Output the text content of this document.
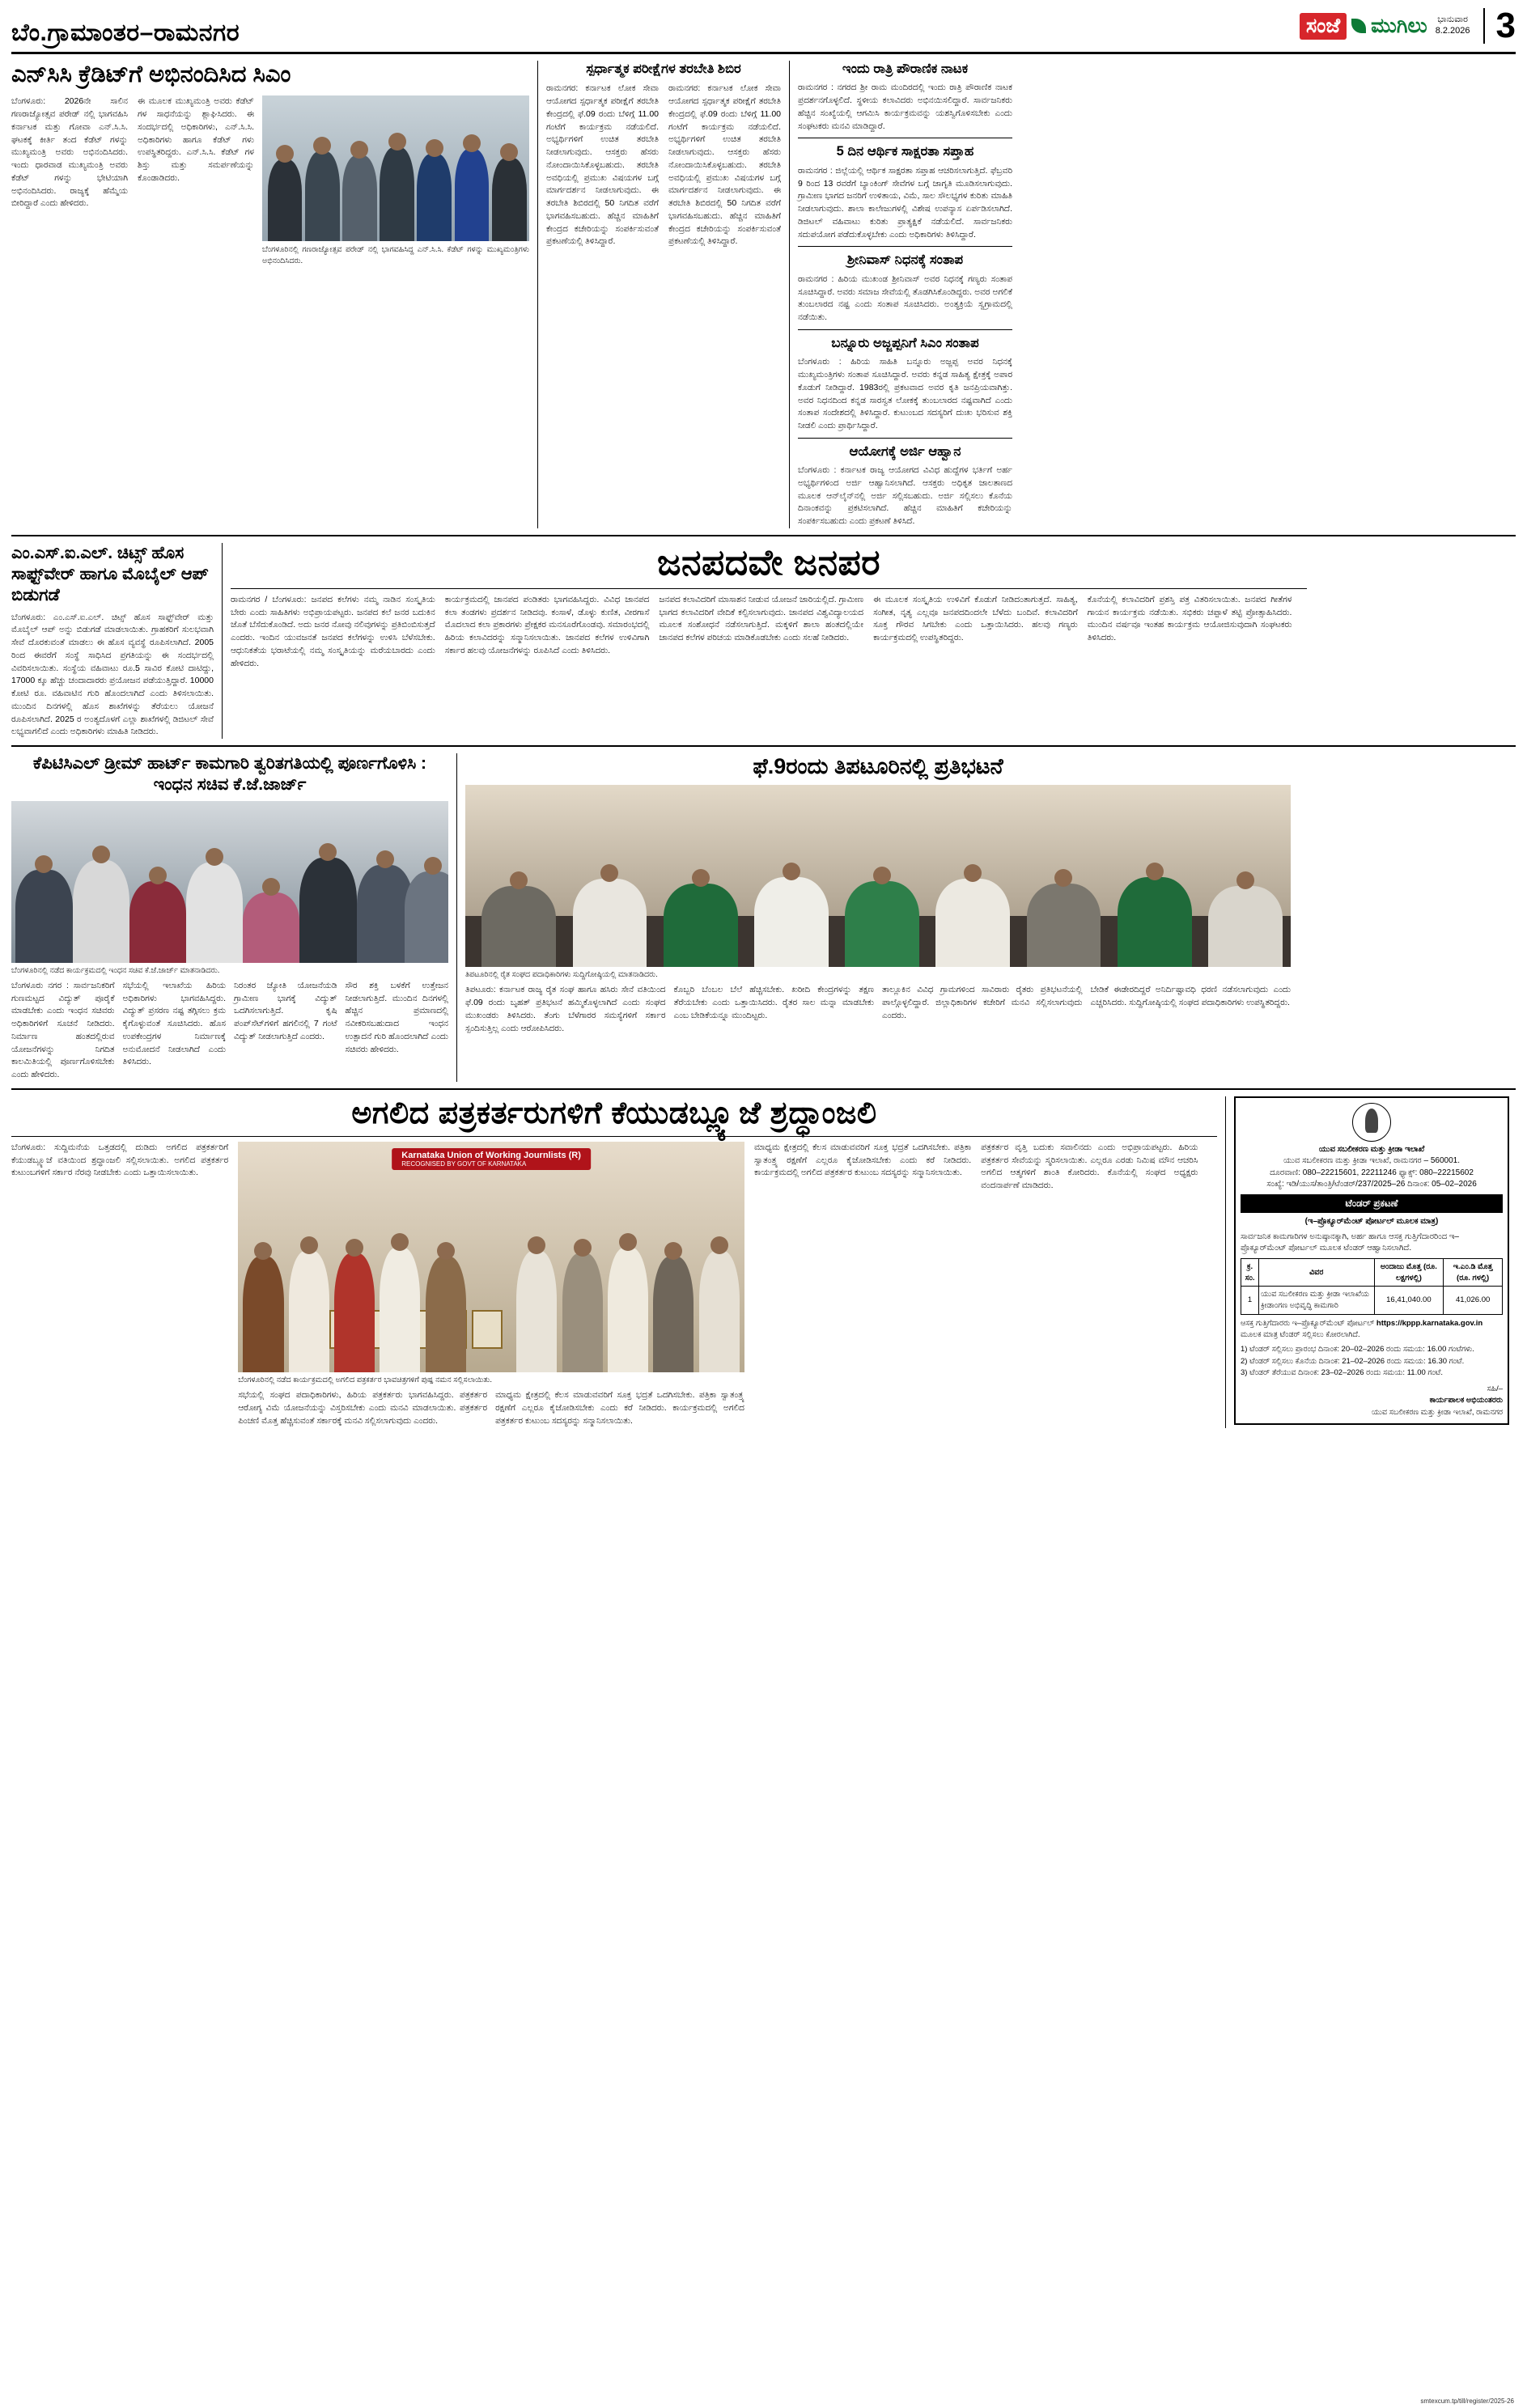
ಬೆಂ.ಗ್ರಾಮಾಂತರ–ರಾಮನಗರ	ಸಂಜೆ	ಮುಗಿಲು ಭಾನುವಾರ
8.2.2026 3
ಎನ್‌ಸಿಸಿ ಕ್ರೆಡಿಟ್‌ಗೆ ಅಭಿನಂದಿಸಿದ ಸಿಎಂ

ಬೆಂಗಳೂರು: 2026ನೇ ಸಾಲಿನ ಗಣರಾಜ್ಯೋತ್ಸವ ಪರೇಡ್ ನಲ್ಲಿ ಭಾಗವಹಿಸಿ ಕರ್ನಾಟಕ ಮತ್ತು ಗೋವಾ ಎನ್.ಸಿ.ಸಿ. ಘಟಕಕ್ಕೆ ಕೀರ್ತಿ ತಂದ ಕೆಡೆಟ್ ಗಳನ್ನು ಮುಖ್ಯಮಂತ್ರಿ ಅವರು ಅಭಿನಂದಿಸಿದರು. ಇಂದು ಧಾರವಾಡ ಮುಖ್ಯಮಂತ್ರಿ ಅವರು ಕೆಡೆಟ್ ಗಳನ್ನು ಭೇಟಿಯಾಗಿ ಅಭಿನಂದಿಸಿದರು. ರಾಜ್ಯಕ್ಕೆ ಹೆಮ್ಮೆಯ ಬೀರಿದ್ದಾರೆ ಎಂದು ಹೇಳಿದರು.

ಈ ಮೂಲಕ ಮುಖ್ಯಮಂತ್ರಿ ಅವರು ಕೆಡೆಟ್ ಗಳ ಸಾಧನೆಯನ್ನು ಶ್ಲಾಘಿಸಿದರು. ಈ ಸಂದರ್ಭದಲ್ಲಿ ಅಧಿಕಾರಿಗಳು, ಎನ್.ಸಿ.ಸಿ. ಅಧಿಕಾರಿಗಳು ಹಾಗೂ ಕೆಡೆಟ್ ಗಳು ಉಪಸ್ಥಿತರಿದ್ದರು. ಎನ್.ಸಿ.ಸಿ. ಕೆಡೆಟ್ ಗಳ ಶಿಸ್ತು ಮತ್ತು ಸಮರ್ಪಣೆಯನ್ನು ಕೊಂಡಾಡಿದರು.

ಬೆಂಗಳೂರಿನಲ್ಲಿ ಗಣರಾಜ್ಯೋತ್ಸವ ಪರೇಡ್ ನಲ್ಲಿ ಭಾಗವಹಿಸಿದ್ದ ಎನ್.ಸಿ.ಸಿ. ಕೆಡೆಟ್ ಗಳನ್ನು ಮುಖ್ಯಮಂತ್ರಿಗಳು ಅಭಿನಂದಿಸಿದರು.
ಸ್ಪರ್ಧಾತ್ಮಕ ಪರೀಕ್ಷೆಗಳ ತರಬೇತಿ ಶಿಬಿರ

ರಾಮನಗರ: ಕರ್ನಾಟಕ ಲೋಕ ಸೇವಾ ಆಯೋಗದ ಸ್ಪರ್ಧಾತ್ಮಕ ಪರೀಕ್ಷೆಗೆ ತರಬೇತಿ ಕೇಂದ್ರದಲ್ಲಿ ಫೆ.09 ರಂದು ಬೆಳಿಗ್ಗೆ 11.00 ಗಂಟೆಗೆ ಕಾರ್ಯಕ್ರಮ ನಡೆಯಲಿದೆ. ಅಭ್ಯರ್ಥಿಗಳಿಗೆ ಉಚಿತ ತರಬೇತಿ ನೀಡಲಾಗುವುದು. ಆಸಕ್ತರು ಹೆಸರು ನೋಂದಾಯಿಸಿಕೊಳ್ಳಬಹುದು. ತರಬೇತಿ ಅವಧಿಯಲ್ಲಿ ಪ್ರಮುಖ ವಿಷಯಗಳ ಬಗ್ಗೆ ಮಾರ್ಗದರ್ಶನ ನೀಡಲಾಗುವುದು. ಈ ತರಬೇತಿ ಶಿಬಿರದಲ್ಲಿ 50 ನಿಗದಿತ ವರೆಗೆ ಭಾಗವಹಿಸಬಹುದು. ಹೆಚ್ಚಿನ ಮಾಹಿತಿಗೆ ಕೇಂದ್ರದ ಕಚೇರಿಯನ್ನು ಸಂಪರ್ಕಿಸುವಂತೆ ಪ್ರಕಟಣೆಯಲ್ಲಿ ತಿಳಿಸಿದ್ದಾರೆ.

ರಾಮನಗರ: ಕರ್ನಾಟಕ ಲೋಕ ಸೇವಾ ಆಯೋಗದ ಸ್ಪರ್ಧಾತ್ಮಕ ಪರೀಕ್ಷೆಗೆ ತರಬೇತಿ ಕೇಂದ್ರದಲ್ಲಿ ಫೆ.09 ರಂದು ಬೆಳಿಗ್ಗೆ 11.00 ಗಂಟೆಗೆ ಕಾರ್ಯಕ್ರಮ ನಡೆಯಲಿದೆ. ಅಭ್ಯರ್ಥಿಗಳಿಗೆ ಉಚಿತ ತರಬೇತಿ ನೀಡಲಾಗುವುದು. ಆಸಕ್ತರು ಹೆಸರು ನೋಂದಾಯಿಸಿಕೊಳ್ಳಬಹುದು. ತರಬೇತಿ ಅವಧಿಯಲ್ಲಿ ಪ್ರಮುಖ ವಿಷಯಗಳ ಬಗ್ಗೆ ಮಾರ್ಗದರ್ಶನ ನೀಡಲಾಗುವುದು. ಈ ತರಬೇತಿ ಶಿಬಿರದಲ್ಲಿ 50 ನಿಗದಿತ ವರೆಗೆ ಭಾಗವಹಿಸಬಹುದು. ಹೆಚ್ಚಿನ ಮಾಹಿತಿಗೆ ಕೇಂದ್ರದ ಕಚೇರಿಯನ್ನು ಸಂಪರ್ಕಿಸುವಂತೆ ಪ್ರಕಟಣೆಯಲ್ಲಿ ತಿಳಿಸಿದ್ದಾರೆ.

ಇಂದು ರಾತ್ರಿ ಪೌರಾಣಿಕ ನಾಟಕ
ರಾಮನಗರ : ನಗರದ ಶ್ರೀ ರಾಮ ಮಂದಿರದಲ್ಲಿ ಇಂದು ರಾತ್ರಿ ಪೌರಾಣಿಕ ನಾಟಕ ಪ್ರದರ್ಶನಗೊಳ್ಳಲಿದೆ. ಸ್ಥಳೀಯ ಕಲಾವಿದರು ಅಭಿನಯಿಸಲಿದ್ದಾರೆ. ಸಾರ್ವಜನಿಕರು ಹೆಚ್ಚಿನ ಸಂಖ್ಯೆಯಲ್ಲಿ ಆಗಮಿಸಿ ಕಾರ್ಯಕ್ರಮವನ್ನು ಯಶಸ್ವಿಗೊಳಿಸಬೇಕು ಎಂದು ಸಂಘಟಕರು ಮನವಿ ಮಾಡಿದ್ದಾರೆ.
5 ದಿನ ಆರ್ಥಿಕ ಸಾಕ್ಷರತಾ ಸಪ್ತಾಹ
ರಾಮನಗರ : ಜಿಲ್ಲೆಯಲ್ಲಿ ಆರ್ಥಿಕ ಸಾಕ್ಷರತಾ ಸಪ್ತಾಹ ಆಚರಿಸಲಾಗುತ್ತಿದೆ. ಫೆಬ್ರವರಿ 9 ರಿಂದ 13 ರವರೆಗೆ ಬ್ಯಾಂಕಿಂಗ್ ಸೇವೆಗಳ ಬಗ್ಗೆ ಜಾಗೃತಿ ಮೂಡಿಸಲಾಗುವುದು. ಗ್ರಾಮೀಣ ಭಾಗದ ಜನರಿಗೆ ಉಳಿತಾಯ, ವಿಮೆ, ಸಾಲ ಸೌಲಭ್ಯಗಳ ಕುರಿತು ಮಾಹಿತಿ ನೀಡಲಾಗುವುದು. ಶಾಲಾ ಕಾಲೇಜುಗಳಲ್ಲಿ ವಿಶೇಷ ಉಪನ್ಯಾಸ ಏರ್ಪಡಿಸಲಾಗಿದೆ. ಡಿಜಿಟಲ್ ವಹಿವಾಟು ಕುರಿತು ಪ್ರಾತ್ಯಕ್ಷಿಕೆ ನಡೆಯಲಿದೆ. ಸಾರ್ವಜನಿಕರು ಸದುಪಯೋಗ ಪಡೆದುಕೊಳ್ಳಬೇಕು ಎಂದು ಅಧಿಕಾರಿಗಳು ತಿಳಿಸಿದ್ದಾರೆ.
ಶ್ರೀನಿವಾಸ್ ನಿಧನಕ್ಕೆ ಸಂತಾಪ
ರಾಮನಗರ : ಹಿರಿಯ ಮುಖಂಡ ಶ್ರೀನಿವಾಸ್ ಅವರ ನಿಧನಕ್ಕೆ ಗಣ್ಯರು ಸಂತಾಪ ಸೂಚಿಸಿದ್ದಾರೆ. ಅವರು ಸಮಾಜ ಸೇವೆಯಲ್ಲಿ ತೊಡಗಿಸಿಕೊಂಡಿದ್ದರು. ಅವರ ಅಗಲಿಕೆ ತುಂಬಲಾರದ ನಷ್ಟ ಎಂದು ಸಂತಾಪ ಸೂಚಿಸಿದರು. ಅಂತ್ಯಕ್ರಿಯೆ ಸ್ವಗ್ರಾಮದಲ್ಲಿ ನಡೆಯಿತು.
ಬನ್ನೂರು ಅಜ್ಜಪ್ಪನಿಗೆ ಸಿಎಂ ಸಂತಾಪ
ಬೆಂಗಳೂರು : ಹಿರಿಯ ಸಾಹಿತಿ ಬನ್ನೂರು ಅಜ್ಜಪ್ಪ ಅವರ ನಿಧನಕ್ಕೆ ಮುಖ್ಯಮಂತ್ರಿಗಳು ಸಂತಾಪ ಸೂಚಿಸಿದ್ದಾರೆ. ಅವರು ಕನ್ನಡ ಸಾಹಿತ್ಯ ಕ್ಷೇತ್ರಕ್ಕೆ ಅಪಾರ ಕೊಡುಗೆ ನೀಡಿದ್ದಾರೆ. 1983ರಲ್ಲಿ ಪ್ರಕಟವಾದ ಅವರ ಕೃತಿ ಜನಪ್ರಿಯವಾಗಿತ್ತು. ಅವರ ನಿಧನದಿಂದ ಕನ್ನಡ ಸಾರಸ್ವತ ಲೋಕಕ್ಕೆ ತುಂಬಲಾರದ ನಷ್ಟವಾಗಿದೆ ಎಂದು ಸಂತಾಪ ಸಂದೇಶದಲ್ಲಿ ತಿಳಿಸಿದ್ದಾರೆ. ಕುಟುಂಬದ ಸದಸ್ಯರಿಗೆ ದುಃಖ ಭರಿಸುವ ಶಕ್ತಿ ನೀಡಲಿ ಎಂದು ಪ್ರಾರ್ಥಿಸಿದ್ದಾರೆ.
ಆಯೋಗಕ್ಕೆ ಅರ್ಜಿ ಆಹ್ವಾನ
ಬೆಂಗಳೂರು : ಕರ್ನಾಟಕ ರಾಜ್ಯ ಆಯೋಗದ ವಿವಿಧ ಹುದ್ದೆಗಳ ಭರ್ತಿಗೆ ಅರ್ಹ ಅಭ್ಯರ್ಥಿಗಳಿಂದ ಅರ್ಜಿ ಆಹ್ವಾನಿಸಲಾಗಿದೆ. ಆಸಕ್ತರು ಅಧಿಕೃತ ಜಾಲತಾಣದ ಮೂಲಕ ಆನ್‌ಲೈನ್‌ನಲ್ಲಿ ಅರ್ಜಿ ಸಲ್ಲಿಸಬಹುದು. ಅರ್ಜಿ ಸಲ್ಲಿಸಲು ಕೊನೆಯ ದಿನಾಂಕವನ್ನು ಪ್ರಕಟಿಸಲಾಗಿದೆ. ಹೆಚ್ಚಿನ ಮಾಹಿತಿಗೆ ಕಚೇರಿಯನ್ನು ಸಂಪರ್ಕಿಸಬಹುದು ಎಂದು ಪ್ರಕಟಣೆ ತಿಳಿಸಿದೆ.
ಎಂ.ಎಸ್.ಐ.ಎಲ್. ಚಿಟ್ಸ್‌ ಹೊಸ ಸಾಫ್ಟ್‌ವೇರ್ ಹಾಗೂ ಮೊಬೈಲ್ ಆಪ್ ಬಿಡುಗಡೆ
ಬೆಂಗಳೂರು: ಎಂ.ಎಸ್.ಐ.ಎಲ್. ಚಿಟ್ಸ್‌ ಹೊಸ ಸಾಫ್ಟ್‌ವೇರ್ ಮತ್ತು ಮೊಬೈಲ್ ಆಪ್ ಅನ್ನು ಬಿಡುಗಡೆ ಮಾಡಲಾಯಿತು. ಗ್ರಾಹಕರಿಗೆ ಸುಲಭವಾಗಿ ಸೇವೆ ದೊರಕುವಂತೆ ಮಾಡಲು ಈ ಹೊಸ ವ್ಯವಸ್ಥೆ ರೂಪಿಸಲಾಗಿದೆ. 2005 ರಿಂದ ಈವರೆಗೆ ಸಂಸ್ಥೆ ಸಾಧಿಸಿದ ಪ್ರಗತಿಯನ್ನು ಈ ಸಂದರ್ಭದಲ್ಲಿ ವಿವರಿಸಲಾಯಿತು. ಸಂಸ್ಥೆಯ ವಹಿವಾಟು ರೂ.5 ಸಾವಿರ ಕೋಟಿ ದಾಟಿದ್ದು, 17000 ಕ್ಕೂ ಹೆಚ್ಚು ಚಂದಾದಾರರು ಪ್ರಯೋಜನ ಪಡೆಯುತ್ತಿದ್ದಾರೆ. 10000 ಕೋಟಿ ರೂ. ವಹಿವಾಟಿನ ಗುರಿ ಹೊಂದಲಾಗಿದೆ ಎಂದು ತಿಳಿಸಲಾಯಿತು. ಮುಂದಿನ ದಿನಗಳಲ್ಲಿ ಹೊಸ ಶಾಖೆಗಳನ್ನು ತೆರೆಯಲು ಯೋಜನೆ ರೂಪಿಸಲಾಗಿದೆ. 2025 ರ ಅಂತ್ಯದೊಳಗೆ ಎಲ್ಲಾ ಶಾಖೆಗಳಲ್ಲಿ ಡಿಜಿಟಲ್ ಸೇವೆ ಲಭ್ಯವಾಗಲಿದೆ ಎಂದು ಅಧಿಕಾರಿಗಳು ಮಾಹಿತಿ ನೀಡಿದರು.
ಜನಪದವೇ ಜನಪರ
ರಾಮನಗರ / ಬೆಂಗಳೂರು: ಜನಪದ ಕಲೆಗಳು ನಮ್ಮ ನಾಡಿನ ಸಂಸ್ಕೃತಿಯ ಬೇರು ಎಂದು ಸಾಹಿತಿಗಳು ಅಭಿಪ್ರಾಯಪಟ್ಟರು. ಜನಪದ ಕಲೆ ಜನರ ಬದುಕಿನ ಜೊತೆ ಬೆಸೆದುಕೊಂಡಿದೆ. ಅದು ಜನರ ನೋವು ನಲಿವುಗಳನ್ನು ಪ್ರತಿಬಿಂಬಿಸುತ್ತದೆ ಎಂದರು. ಇಂದಿನ ಯುವಜನತೆ ಜನಪದ ಕಲೆಗಳನ್ನು ಉಳಿಸಿ ಬೆಳೆಸಬೇಕು. ಆಧುನಿಕತೆಯ ಭರಾಟೆಯಲ್ಲಿ ನಮ್ಮ ಸಂಸ್ಕೃತಿಯನ್ನು ಮರೆಯಬಾರದು ಎಂದು ಹೇಳಿದರು.
ಕಾರ್ಯಕ್ರಮದಲ್ಲಿ ಜಾನಪದ ಪಂಡಿತರು ಭಾಗವಹಿಸಿದ್ದರು. ವಿವಿಧ ಜಾನಪದ ಕಲಾ ತಂಡಗಳು ಪ್ರದರ್ಶನ ನೀಡಿದವು. ಕಂಸಾಳೆ, ಡೊಳ್ಳು ಕುಣಿತ, ವೀರಗಾಸೆ ಮೊದಲಾದ ಕಲಾ ಪ್ರಕಾರಗಳು ಪ್ರೇಕ್ಷಕರ ಮನಸೂರೆಗೊಂಡವು. ಸಮಾರಂಭದಲ್ಲಿ ಹಿರಿಯ ಕಲಾವಿದರನ್ನು ಸನ್ಮಾನಿಸಲಾಯಿತು. ಜಾನಪದ ಕಲೆಗಳ ಉಳಿವಿಗಾಗಿ ಸರ್ಕಾರ ಹಲವು ಯೋಜನೆಗಳನ್ನು ರೂಪಿಸಿದೆ ಎಂದು ತಿಳಿಸಿದರು.
ಜನಪದ ಕಲಾವಿದರಿಗೆ ಮಾಸಾಶನ ನೀಡುವ ಯೋಜನೆ ಜಾರಿಯಲ್ಲಿದೆ. ಗ್ರಾಮೀಣ ಭಾಗದ ಕಲಾವಿದರಿಗೆ ವೇದಿಕೆ ಕಲ್ಪಿಸಲಾಗುವುದು. ಜಾನಪದ ವಿಶ್ವವಿದ್ಯಾಲಯದ ಮೂಲಕ ಸಂಶೋಧನೆ ನಡೆಸಲಾಗುತ್ತಿದೆ. ಮಕ್ಕಳಿಗೆ ಶಾಲಾ ಹಂತದಲ್ಲಿಯೇ ಜಾನಪದ ಕಲೆಗಳ ಪರಿಚಯ ಮಾಡಿಕೊಡಬೇಕು ಎಂದು ಸಲಹೆ ನೀಡಿದರು.
ಈ ಮೂಲಕ ಸಂಸ್ಕೃತಿಯ ಉಳಿವಿಗೆ ಕೊಡುಗೆ ನೀಡಿದಂತಾಗುತ್ತದೆ. ಸಾಹಿತ್ಯ, ಸಂಗೀತ, ನೃತ್ಯ ಎಲ್ಲವೂ ಜನಪದದಿಂದಲೇ ಬೆಳೆದು ಬಂದಿವೆ. ಕಲಾವಿದರಿಗೆ ಸೂಕ್ತ ಗೌರವ ಸಿಗಬೇಕು ಎಂದು ಒತ್ತಾಯಿಸಿದರು. ಹಲವು ಗಣ್ಯರು ಕಾರ್ಯಕ್ರಮದಲ್ಲಿ ಉಪಸ್ಥಿತರಿದ್ದರು.
ಕೊನೆಯಲ್ಲಿ ಕಲಾವಿದರಿಗೆ ಪ್ರಶಸ್ತಿ ಪತ್ರ ವಿತರಿಸಲಾಯಿತು. ಜನಪದ ಗೀತೆಗಳ ಗಾಯನ ಕಾರ್ಯಕ್ರಮ ನಡೆಯಿತು. ಸಭಿಕರು ಚಪ್ಪಾಳೆ ತಟ್ಟಿ ಪ್ರೋತ್ಸಾಹಿಸಿದರು. ಮುಂದಿನ ವರ್ಷವೂ ಇಂತಹ ಕಾರ್ಯಕ್ರಮ ಆಯೋಜಿಸುವುದಾಗಿ ಸಂಘಟಕರು ತಿಳಿಸಿದರು.
ಕೆಪಿಟಿಸಿಎಲ್ ಡ್ರೀಮ್ ಹಾರ್ಟ್ ಕಾಮಗಾರಿ ತ್ವರಿತಗತಿಯಲ್ಲಿ ಪೂರ್ಣಗೊಳಿಸಿ : ಇಂಧನ ಸಚಿವ ಕೆ.ಜೆ.ಜಾರ್ಜ್
ಬೆಂಗಳೂರಿನಲ್ಲಿ ನಡೆದ ಕಾರ್ಯಕ್ರಮದಲ್ಲಿ ಇಂಧನ ಸಚಿವ ಕೆ.ಜೆ.ಜಾರ್ಜ್ ಮಾತನಾಡಿದರು.
ಬೆಂಗಳೂರು ನಗರ : ಸಾರ್ವಜನಿಕರಿಗೆ ಗುಣಮಟ್ಟದ ವಿದ್ಯುತ್ ಪೂರೈಕೆ ಮಾಡಬೇಕು ಎಂದು ಇಂಧನ ಸಚಿವರು ಅಧಿಕಾರಿಗಳಿಗೆ ಸೂಚನೆ ನೀಡಿದರು. ನಿರ್ಮಾಣ ಹಂತದಲ್ಲಿರುವ ಯೋಜನೆಗಳನ್ನು ನಿಗದಿತ ಕಾಲಮಿತಿಯಲ್ಲಿ ಪೂರ್ಣಗೊಳಿಸಬೇಕು ಎಂದು ಹೇಳಿದರು.
ಸಭೆಯಲ್ಲಿ ಇಲಾಖೆಯ ಹಿರಿಯ ಅಧಿಕಾರಿಗಳು ಭಾಗವಹಿಸಿದ್ದರು. ವಿದ್ಯುತ್ ಪ್ರಸರಣ ನಷ್ಟ ತಗ್ಗಿಸಲು ಕ್ರಮ ಕೈಗೊಳ್ಳುವಂತೆ ಸೂಚಿಸಿದರು. ಹೊಸ ಉಪಕೇಂದ್ರಗಳ ನಿರ್ಮಾಣಕ್ಕೆ ಅನುಮೋದನೆ ನೀಡಲಾಗಿದೆ ಎಂದು ತಿಳಿಸಿದರು.
ನಿರಂತರ ಜ್ಯೋತಿ ಯೋಜನೆಯಡಿ ಗ್ರಾಮೀಣ ಭಾಗಕ್ಕೆ ವಿದ್ಯುತ್ ಒದಗಿಸಲಾಗುತ್ತಿದೆ. ಕೃಷಿ ಪಂಪ್‌ಸೆಟ್‌ಗಳಿಗೆ ಹಗಲಿನಲ್ಲಿ 7 ಗಂಟೆ ವಿದ್ಯುತ್ ನೀಡಲಾಗುತ್ತಿದೆ ಎಂದರು.
ಸೌರ ಶಕ್ತಿ ಬಳಕೆಗೆ ಉತ್ತೇಜನ ನೀಡಲಾಗುತ್ತಿದೆ. ಮುಂದಿನ ದಿನಗಳಲ್ಲಿ ಹೆಚ್ಚಿನ ಪ್ರಮಾಣದಲ್ಲಿ ನವೀಕರಿಸಬಹುದಾದ ಇಂಧನ ಉತ್ಪಾದನೆ ಗುರಿ ಹೊಂದಲಾಗಿದೆ ಎಂದು ಸಚಿವರು ಹೇಳಿದರು.
ಫೆ.9ರಂದು ತಿಪಟೂರಿನಲ್ಲಿ ಪ್ರತಿಭಟನೆ
ತಿಪಟೂರಿನಲ್ಲಿ ರೈತ ಸಂಘದ ಪದಾಧಿಕಾರಿಗಳು ಸುದ್ದಿಗೋಷ್ಠಿಯಲ್ಲಿ ಮಾತನಾಡಿದರು.
ತಿಪಟೂರು: ಕರ್ನಾಟಕ ರಾಜ್ಯ ರೈತ ಸಂಘ ಹಾಗೂ ಹಸಿರು ಸೇನೆ ವತಿಯಿಂದ ಫೆ.09 ರಂದು ಬೃಹತ್ ಪ್ರತಿಭಟನೆ ಹಮ್ಮಿಕೊಳ್ಳಲಾಗಿದೆ ಎಂದು ಸಂಘದ ಮುಖಂಡರು ತಿಳಿಸಿದರು. ತೆಂಗು ಬೆಳೆಗಾರರ ಸಮಸ್ಯೆಗಳಿಗೆ ಸರ್ಕಾರ ಸ್ಪಂದಿಸುತ್ತಿಲ್ಲ ಎಂದು ಆರೋಪಿಸಿದರು.
ಕೊಬ್ಬರಿ ಬೆಂಬಲ ಬೆಲೆ ಹೆಚ್ಚಿಸಬೇಕು. ಖರೀದಿ ಕೇಂದ್ರಗಳನ್ನು ತಕ್ಷಣ ತೆರೆಯಬೇಕು ಎಂದು ಒತ್ತಾಯಿಸಿದರು. ರೈತರ ಸಾಲ ಮನ್ನಾ ಮಾಡಬೇಕು ಎಂಬ ಬೇಡಿಕೆಯನ್ನೂ ಮುಂದಿಟ್ಟರು.
ತಾಲ್ಲೂಕಿನ ವಿವಿಧ ಗ್ರಾಮಗಳಿಂದ ಸಾವಿರಾರು ರೈತರು ಪ್ರತಿಭಟನೆಯಲ್ಲಿ ಪಾಲ್ಗೊಳ್ಳಲಿದ್ದಾರೆ. ಜಿಲ್ಲಾಧಿಕಾರಿಗಳ ಕಚೇರಿಗೆ ಮನವಿ ಸಲ್ಲಿಸಲಾಗುವುದು ಎಂದರು.
ಬೇಡಿಕೆ ಈಡೇರದಿದ್ದರೆ ಅನಿರ್ದಿಷ್ಟಾವಧಿ ಧರಣಿ ನಡೆಸಲಾಗುವುದು ಎಂದು ಎಚ್ಚರಿಸಿದರು. ಸುದ್ದಿಗೋಷ್ಠಿಯಲ್ಲಿ ಸಂಘದ ಪದಾಧಿಕಾರಿಗಳು ಉಪಸ್ಥಿತರಿದ್ದರು.
ಅಗಲಿದ ಪತ್ರಕರ್ತರುಗಳಿಗೆ ಕೆಯುಡಬ್ಲ್ಯೂಜೆ ಶ್ರದ್ಧಾಂಜಲಿ
ಬೆಂಗಳೂರು: ಸುದ್ದಿಮನೆಯ ಒತ್ತಡದಲ್ಲಿ ದುಡಿದು ಅಗಲಿದ ಪತ್ರಕರ್ತರಿಗೆ ಕೆಯುಡಬ್ಲ್ಯೂಜೆ ವತಿಯಿಂದ ಶ್ರದ್ಧಾಂಜಲಿ ಸಲ್ಲಿಸಲಾಯಿತು. ಅಗಲಿದ ಪತ್ರಕರ್ತರ ಕುಟುಂಬಗಳಿಗೆ ಸರ್ಕಾರ ನೆರವು ನೀಡಬೇಕು ಎಂದು ಒತ್ತಾಯಿಸಲಾಯಿತು.
Karnataka Union of Working Journlists (R)
RECOGNISED BY GOVT OF KARNATAKA
ಬೆಂಗಳೂರಿನಲ್ಲಿ ನಡೆದ ಕಾರ್ಯಕ್ರಮದಲ್ಲಿ ಅಗಲಿದ ಪತ್ರಕರ್ತರ ಭಾವಚಿತ್ರಗಳಿಗೆ ಪುಷ್ಪ ನಮನ ಸಲ್ಲಿಸಲಾಯಿತು.
ಸಭೆಯಲ್ಲಿ ಸಂಘದ ಪದಾಧಿಕಾರಿಗಳು, ಹಿರಿಯ ಪತ್ರಕರ್ತರು ಭಾಗವಹಿಸಿದ್ದರು. ಪತ್ರಕರ್ತರ ಆರೋಗ್ಯ ವಿಮೆ ಯೋಜನೆಯನ್ನು ವಿಸ್ತರಿಸಬೇಕು ಎಂದು ಮನವಿ ಮಾಡಲಾಯಿತು. ಪತ್ರಕರ್ತರ ಪಿಂಚಣಿ ಮೊತ್ತ ಹೆಚ್ಚಿಸುವಂತೆ ಸರ್ಕಾರಕ್ಕೆ ಮನವಿ ಸಲ್ಲಿಸಲಾಗುವುದು ಎಂದರು.
ಮಾಧ್ಯಮ ಕ್ಷೇತ್ರದಲ್ಲಿ ಕೆಲಸ ಮಾಡುವವರಿಗೆ ಸೂಕ್ತ ಭದ್ರತೆ ಒದಗಿಸಬೇಕು. ಪತ್ರಿಕಾ ಸ್ವಾತಂತ್ರ್ಯ ರಕ್ಷಣೆಗೆ ಎಲ್ಲರೂ ಕೈಜೋಡಿಸಬೇಕು ಎಂದು ಕರೆ ನೀಡಿದರು. ಕಾರ್ಯಕ್ರಮದಲ್ಲಿ ಅಗಲಿದ ಪತ್ರಕರ್ತರ ಕುಟುಂಬ ಸದಸ್ಯರನ್ನು ಸನ್ಮಾನಿಸಲಾಯಿತು.
ಮಾಧ್ಯಮ ಕ್ಷೇತ್ರದಲ್ಲಿ ಕೆಲಸ ಮಾಡುವವರಿಗೆ ಸೂಕ್ತ ಭದ್ರತೆ ಒದಗಿಸಬೇಕು. ಪತ್ರಿಕಾ ಸ್ವಾತಂತ್ರ್ಯ ರಕ್ಷಣೆಗೆ ಎಲ್ಲರೂ ಕೈಜೋಡಿಸಬೇಕು ಎಂದು ಕರೆ ನೀಡಿದರು. ಕಾರ್ಯಕ್ರಮದಲ್ಲಿ ಅಗಲಿದ ಪತ್ರಕರ್ತರ ಕುಟುಂಬ ಸದಸ್ಯರನ್ನು ಸನ್ಮಾನಿಸಲಾಯಿತು.
ಪತ್ರಕರ್ತರ ವೃತ್ತಿ ಬದುಕು ಸವಾಲಿನದು ಎಂದು ಅಭಿಪ್ರಾಯಪಟ್ಟರು. ಹಿರಿಯ ಪತ್ರಕರ್ತರ ಸೇವೆಯನ್ನು ಸ್ಮರಿಸಲಾಯಿತು. ಎಲ್ಲರೂ ಎರಡು ನಿಮಿಷ ಮೌನ ಆಚರಿಸಿ ಅಗಲಿದ ಆತ್ಮಗಳಿಗೆ ಶಾಂತಿ ಕೋರಿದರು. ಕೊನೆಯಲ್ಲಿ ಸಂಘದ ಅಧ್ಯಕ್ಷರು ವಂದನಾರ್ಪಣೆ ಮಾಡಿದರು.
ಯುವ ಸಬಲೀಕರಣ ಮತ್ತು ಕ್ರೀಡಾ ಇಲಾಖೆ
ಯುವ ಸಬಲೀಕರಣ ಮತ್ತು ಕ್ರೀಡಾ ಇಲಾಖೆ, ರಾಮನಗರ – 560001.
ದೂರವಾಣಿ: 080–22215601, 22211246 ಫ್ಯಾಕ್ಸ್: 080–22215602
ಸಂಖ್ಯೆ: ಇಡಿ/ಯುಸ/ತಾಂತ್ರಿ/ಟೆಂಡರ್/237/2025–26 ದಿನಾಂಕ: 05–02–2026
ಟೆಂಡರ್ ಪ್ರಕಟಣೆ
(ಇ–ಪ್ರೊಕ್ಯೂರ್‌ಮೆಂಟ್ ಪೋರ್ಟಲ್ ಮೂಲಕ ಮಾತ್ರ)
ಸಾರ್ವಜನಿಕ ಕಾಮಗಾರಿಗಳ ಅನುಷ್ಠಾನಕ್ಕಾಗಿ, ಅರ್ಹ ಹಾಗೂ ಆಸಕ್ತ ಗುತ್ತಿಗೆದಾರರಿಂದ ಇ–ಪ್ರೊಕ್ಯೂರ್‌ಮೆಂಟ್ ಪೋರ್ಟಲ್ ಮೂಲಕ ಟೆಂಡರ್ ಆಹ್ವಾನಿಸಲಾಗಿದೆ.
ಕ್ರ. ಸಂ.	ವಿವರ	ಅಂದಾಜು ಮೊತ್ತ (ರೂ. ಲಕ್ಷಗಳಲ್ಲಿ)	ಇ.ಎಂ.ಡಿ ಮೊತ್ತ (ರೂ. ಗಳಲ್ಲಿ)
1	ಯುವ ಸಬಲೀಕರಣ ಮತ್ತು ಕ್ರೀಡಾ ಇಲಾಖೆಯ ಕ್ರೀಡಾಂಗಣ ಅಭಿವೃದ್ಧಿ ಕಾಮಗಾರಿ	16,41,040.00	41,026.00
ಆಸಕ್ತ ಗುತ್ತಿಗೆದಾರರು ಇ–ಪ್ರೊಕ್ಯೂರ್‌ಮೆಂಟ್ ಪೋರ್ಟಲ್ https://kppp.karnataka.gov.in ಮೂಲಕ ಮಾತ್ರ ಟೆಂಡರ್ ಸಲ್ಲಿಸಲು ಕೋರಲಾಗಿದೆ.
1) ಟೆಂಡರ್ ಸಲ್ಲಿಸಲು ಪ್ರಾರಂಭ ದಿನಾಂಕ: 20–02–2026 ರಂದು ಸಮಯ: 16.00 ಗಂಟೆಗಳು.
2) ಟೆಂಡರ್ ಸಲ್ಲಿಸಲು ಕೊನೆಯ ದಿನಾಂಕ: 21–02–2026 ರಂದು ಸಮಯ: 16.30 ಗಂಟೆ.
3) ಟೆಂಡರ್ ತೆರೆಯುವ ದಿನಾಂಕ: 23–02–2026 ರಂದು ಸಮಯ: 11.00 ಗಂಟೆ.
ಸಹಿ/–
ಕಾರ್ಯಪಾಲಕ ಅಭಿಯಂತರರು
ಯುವ ಸಬಲೀಕರಣ ಮತ್ತು ಕ್ರೀಡಾ ಇಲಾಖೆ, ರಾಮನಗರ
smtexcum.tp/till/register/2025-26
